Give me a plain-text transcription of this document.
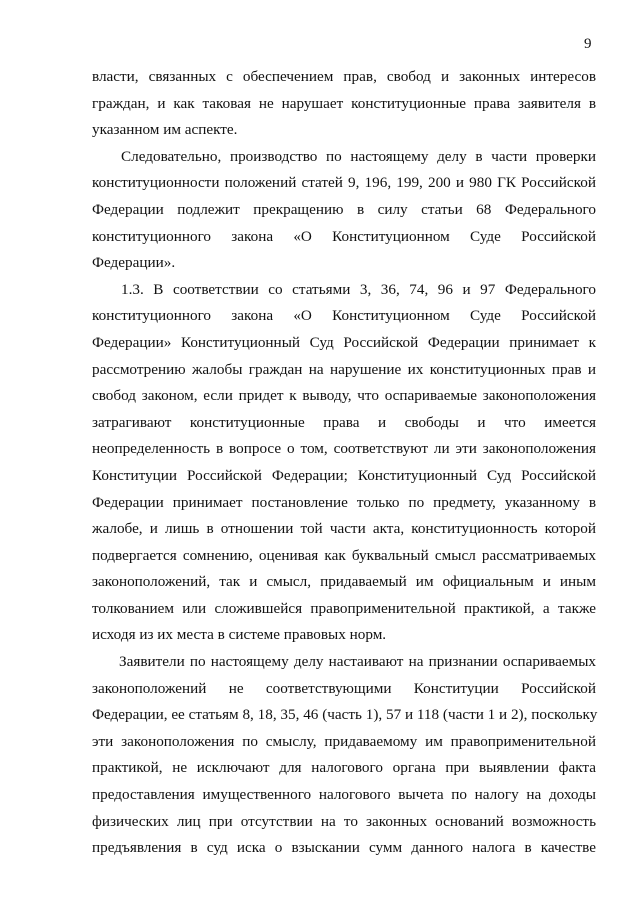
9

власти, связанных с обеспечением прав, свобод и законных интересов
граждан, и как таковая не нарушает конституционные права заявителя в
указанном им аспекте.

Следовательно, производство по настоящему делу в части проверки
конституционности положений статей 9, 196, 199, 200 и 980 ГК Российской
Федерации подлежит прекращению в силу статьи 68 Федерального
конституционного закона «О Конституционном Суде Российской
Федерации».

1.3. В соответствии со статьями 3, 36, 74, 96 и 97 Федерального
конституционного закона «О Конституционном Суде Российской
Федерации» Конституционный Суд Российской Федерации принимает к
рассмотрению жалобы граждан на нарушение их конституционных прав и
свобод законом, если придет к выводу, что оспариваемые законоположения
затрагивают конституционные права и свободы и что имеется
неопределенность в вопросе о том, соответствуют ли эти законоположения
Конституции Российской Федерации; Конституционный Суд Российской
Федерации принимает постановление только по предмету, указанному в
жалобе, и лишь в отношении той части акта, конституционность которой
подвергается сомнению, оценивая как буквальный смысл рассматриваемых
законоположений, так и смысл, придаваемый им официальным и иным
толкованием или сложившейся правоприменительной практикой, а также
исходя из их места в системе правовых норм.

Заявители по настоящему делу настаивают на признании оспариваемых
законоположений не соответствующими Конституции Российской
Федерации, ее статьям 8, 18, 35, 46 (часть 1), 57 и 118 (части 1 и 2), поскольку
эти законоположения по смыслу, придаваемому им правоприменительной
практикой, не исключают для налогового органа при выявлении факта
предоставления имущественного налогового вычета по налогу на доходы
физических лиц при отсутствии на то законных оснований возможность
предъявления в суд иска о взыскании сумм данного налога в качестве
